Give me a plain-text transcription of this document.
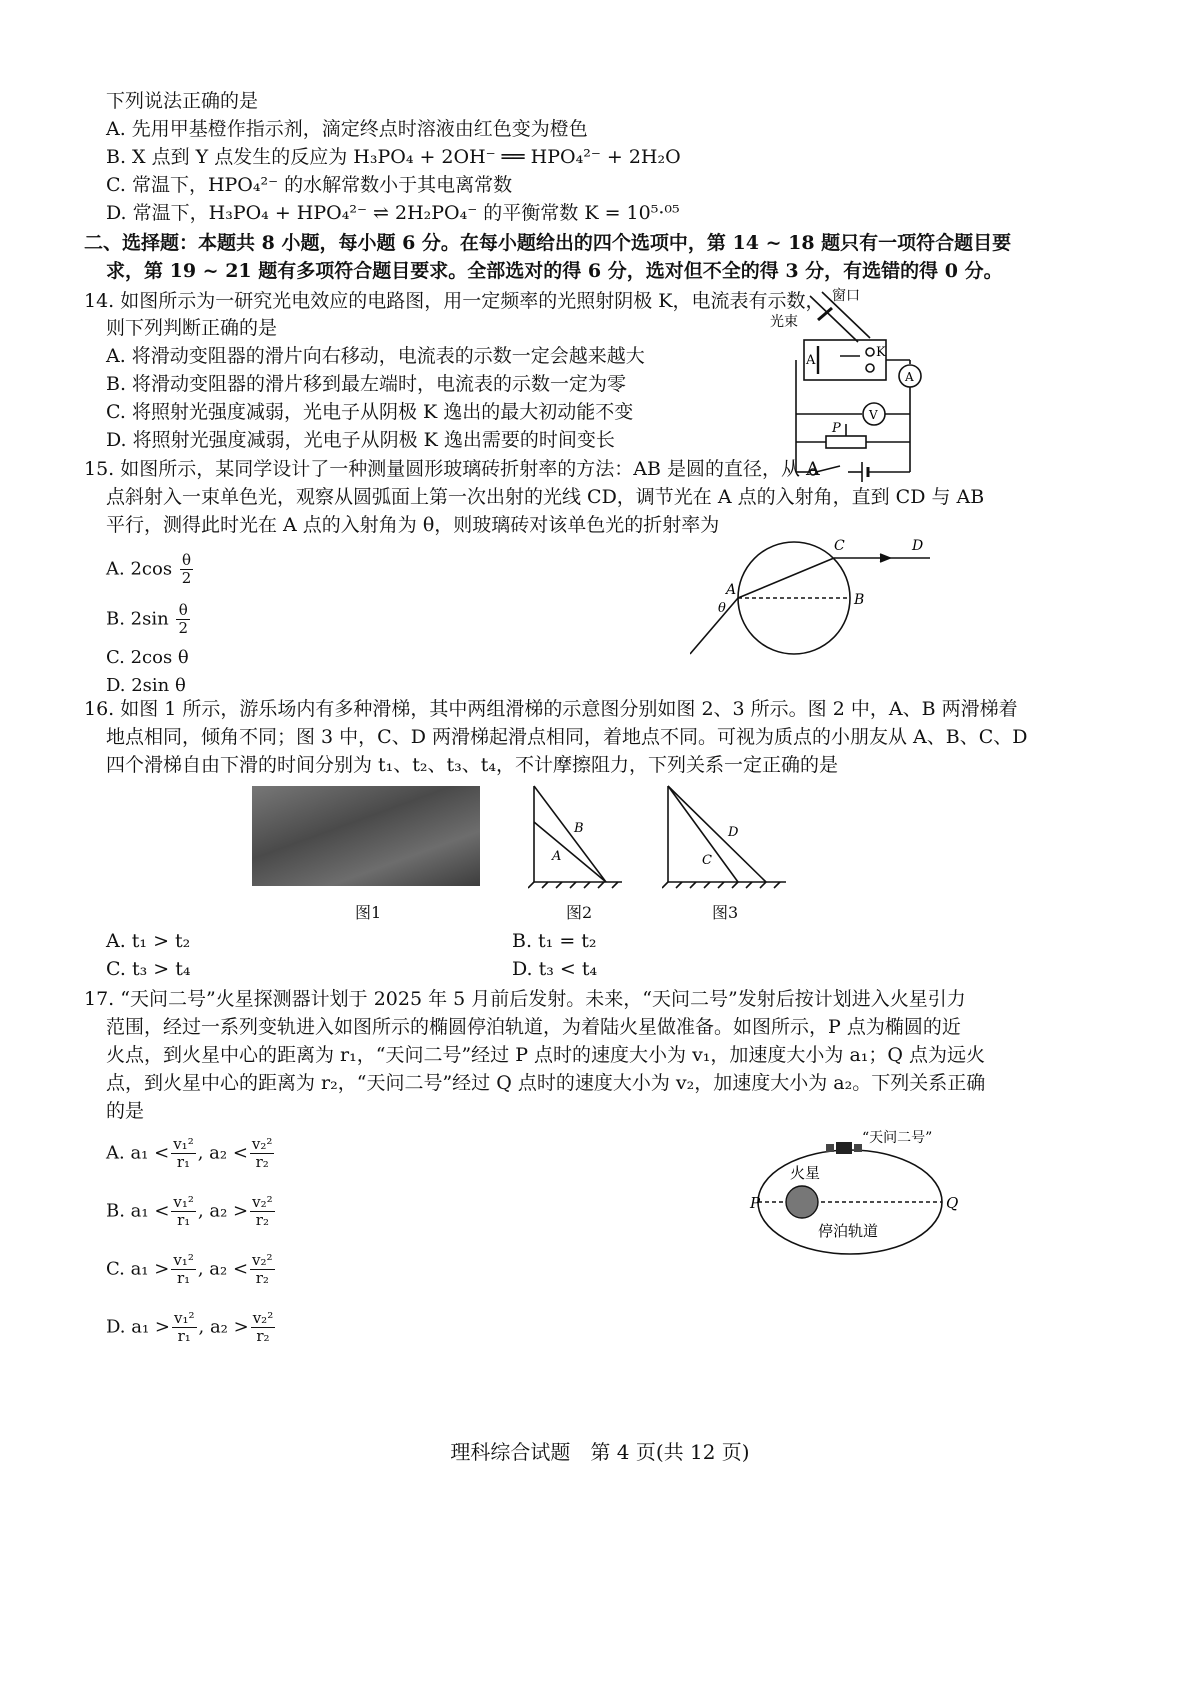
下列说法正确的是
A. 先用甲基橙作指示剂，滴定终点时溶液由红色变为橙色
B. X 点到 Y 点发生的反应为 H₃PO₄ + 2OH⁻ ══ HPO₄²⁻ + 2H₂O
C. 常温下，HPO₄²⁻ 的水解常数小于其电离常数
D. 常温下，H₃PO₄ + HPO₄²⁻ ⇌ 2H₂PO₄⁻ 的平衡常数 K = 10⁵·⁰⁵
二、选择题：本题共 8 小题，每小题 6 分。在每小题给出的四个选项中，第 14 ~ 18 题只有一项符合题目要
求，第 19 ~ 21 题有多项符合题目要求。全部选对的得 6 分，选对但不全的得 3 分，有选错的得 0 分。
14. 如图所示为一研究光电效应的电路图，用一定频率的光照射阴极 K，电流表有示数，
则下列判断正确的是
A. 将滑动变阻器的滑片向右移动，电流表的示数一定会越来越大
B. 将滑动变阻器的滑片移到最左端时，电流表的示数一定为零
C. 将照射光强度减弱，光电子从阴极 K 逸出的最大初动能不变
D. 将照射光强度减弱，光电子从阴极 K 逸出需要的时间变长
窗口
光束
A
K
A
V
P
15. 如图所示，某同学设计了一种测量圆形玻璃砖折射率的方法：AB 是圆的直径，从 A
点斜射入一束单色光，观察从圆弧面上第一次出射的光线 CD，调节光在 A 点的入射角，直到 CD 与 AB
平行，测得此时光在 A 点的入射角为 θ，则玻璃砖对该单色光的折射率为
A. $2\cos \frac{\theta}{2}$
B. $2\sin \frac{\theta}{2}$
C. 2cos θ
D. 2sin θ
A
B
C	D
θ
16. 如图 1 所示，游乐场内有多种滑梯，其中两组滑梯的示意图分别如图 2、3 所示。图 2 中，A、B 两滑梯着
地点相同，倾角不同；图 3 中，C、D 两滑梯起滑点相同，着地点不同。可视为质点的小朋友从 A、B、C、D
四个滑梯自由下滑的时间分别为 t₁、t₂、t₃、t₄，不计摩擦阻力，下列关系一定正确的是
图1
B
A
图2
D
C
图3
A. t₁ > t₂	B. t₁ = t₂
C. t₃ > t₄	D. t₃ < t₄
17. “天问二号”火星探测器计划于 2025 年 5 月前后发射。未来，“天问二号”发射后按计划进入火星引力
范围，经过一系列变轨进入如图所示的椭圆停泊轨道，为着陆火星做准备。如图所示，P 点为椭圆的近
火点，到火星中心的距离为 r₁，“天问二号”经过 P 点时的速度大小为 v₁，加速度大小为 a₁；Q 点为远火
点，到火星中心的距离为 r₂，“天问二号”经过 Q 点时的速度大小为 v₂，加速度大小为 a₂。下列关系正确
的是
A. $a_1 < \frac{\text{v₁²}}{\text{r₁}}$ , $a_2 < \frac{\text{v₂²}}{\text{r₂}}$
B. $a_1 < \frac{\text{v₁²}}{\text{r₁}}$ , $a_2 > \frac{\text{v₂²}}{\text{r₂}}$
C. $a_1 > \frac{\text{v₁²}}{\text{r₁}}$ , $a_2 < \frac{\text{v₂²}}{\text{r₂}}$
D. $a_1 > \frac{\text{v₁²}}{\text{r₁}}$ , $a_2 > \frac{\text{v₂²}}{\text{r₂}}$
“天问二号”
火星
P	Q
停泊轨道
理科综合试题　第 4 页(共 12 页)
